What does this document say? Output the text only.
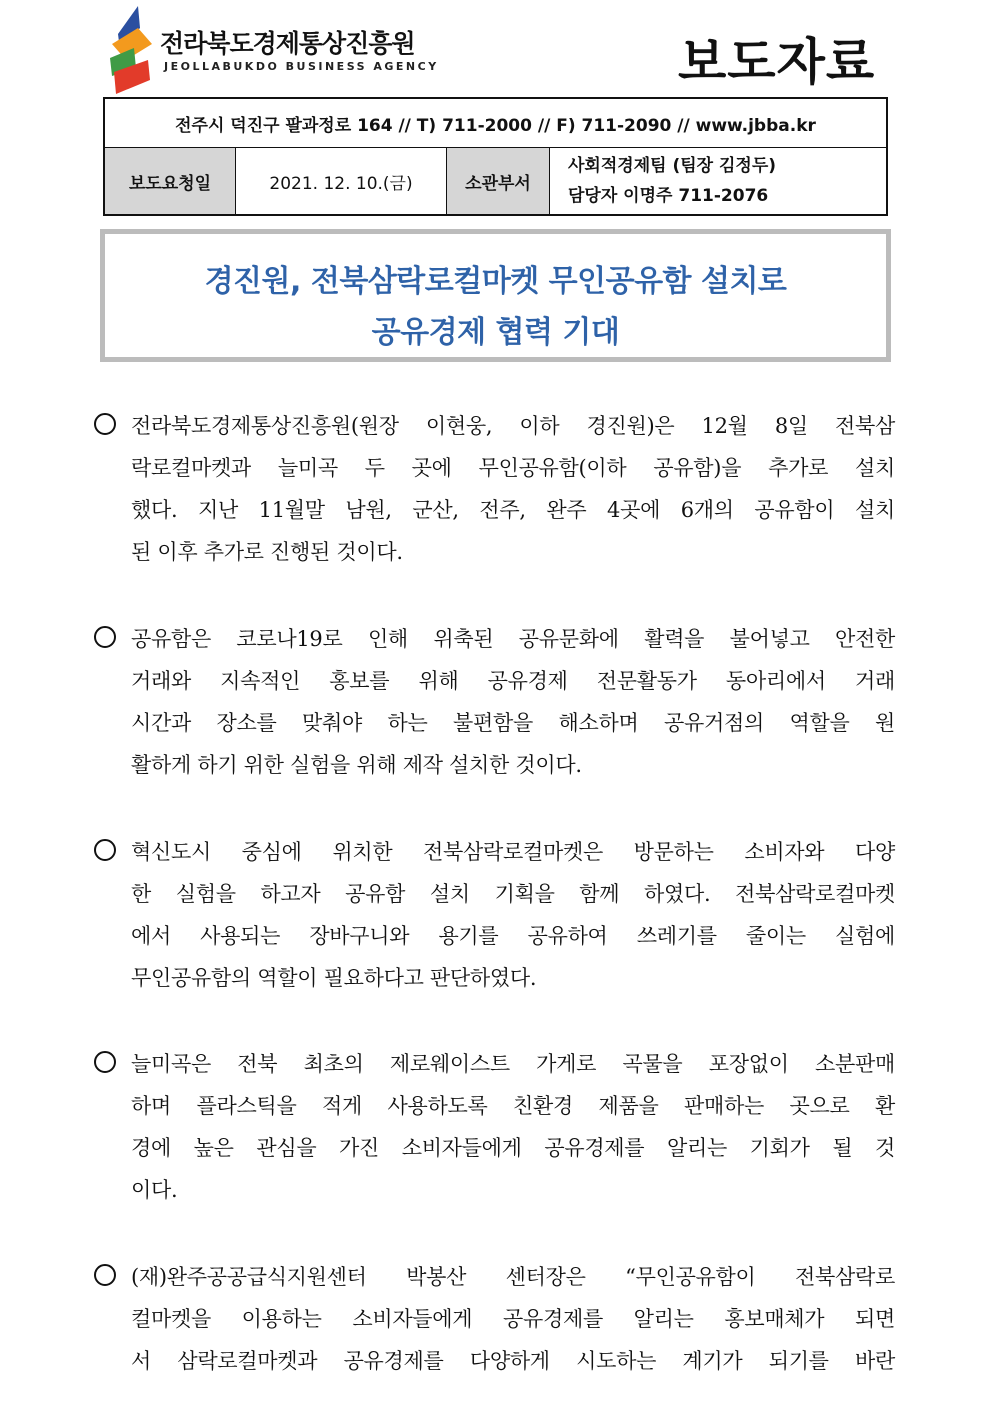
전라북도경제통상진흥원
JEOLLABUKDO BUSINESS AGENCY	보도자료
전주시 덕진구 팔과정로 164 // T) 711-2000 // F) 711-2090 // www.jbba.kr
보도요청일	2021. 12. 10.(금)	소관부서
사회적경제팀 (팀장 김정두)
담당자 이명주 711-2076
경진원, 전북삼락로컬마켓 무인공유함 설치로
공유경제 협력 기대
전라북도경제통상진흥원(원장 이현웅, 이하 경진원)은 12월 8일 전북삼
락로컬마켓과 늘미곡 두 곳에 무인공유함(이하 공유함)을 추가로 설치
했다. 지난 11월말 남원, 군산, 전주, 완주 4곳에 6개의 공유함이 설치
된 이후 추가로 진행된 것이다.
공유함은 코로나19로 인해 위축된 공유문화에 활력을 불어넣고 안전한
거래와 지속적인 홍보를 위해 공유경제 전문활동가 동아리에서 거래
시간과 장소를 맞춰야 하는 불편함을 해소하며 공유거점의 역할을 원
활하게 하기 위한 실험을 위해 제작 설치한 것이다.
혁신도시 중심에 위치한 전북삼락로컬마켓은 방문하는 소비자와 다양
한 실험을 하고자 공유함 설치 기획을 함께 하였다. 전북삼락로컬마켓
에서 사용되는 장바구니와 용기를 공유하여 쓰레기를 줄이는 실험에
무인공유함의 역할이 필요하다고 판단하였다.
늘미곡은 전북 최초의 제로웨이스트 가게로 곡물을 포장없이 소분판매
하며 플라스틱을 적게 사용하도록 친환경 제품을 판매하는 곳으로 환
경에 높은 관심을 가진 소비자들에게 공유경제를 알리는 기회가 될 것
이다.
(재)완주공공급식지원센터 박봉산 센터장은 “무인공유함이 전북삼락로
컬마켓을 이용하는 소비자들에게 공유경제를 알리는 홍보매체가 되면
서 삼락로컬마켓과 공유경제를 다양하게 시도하는 계기가 되기를 바란
